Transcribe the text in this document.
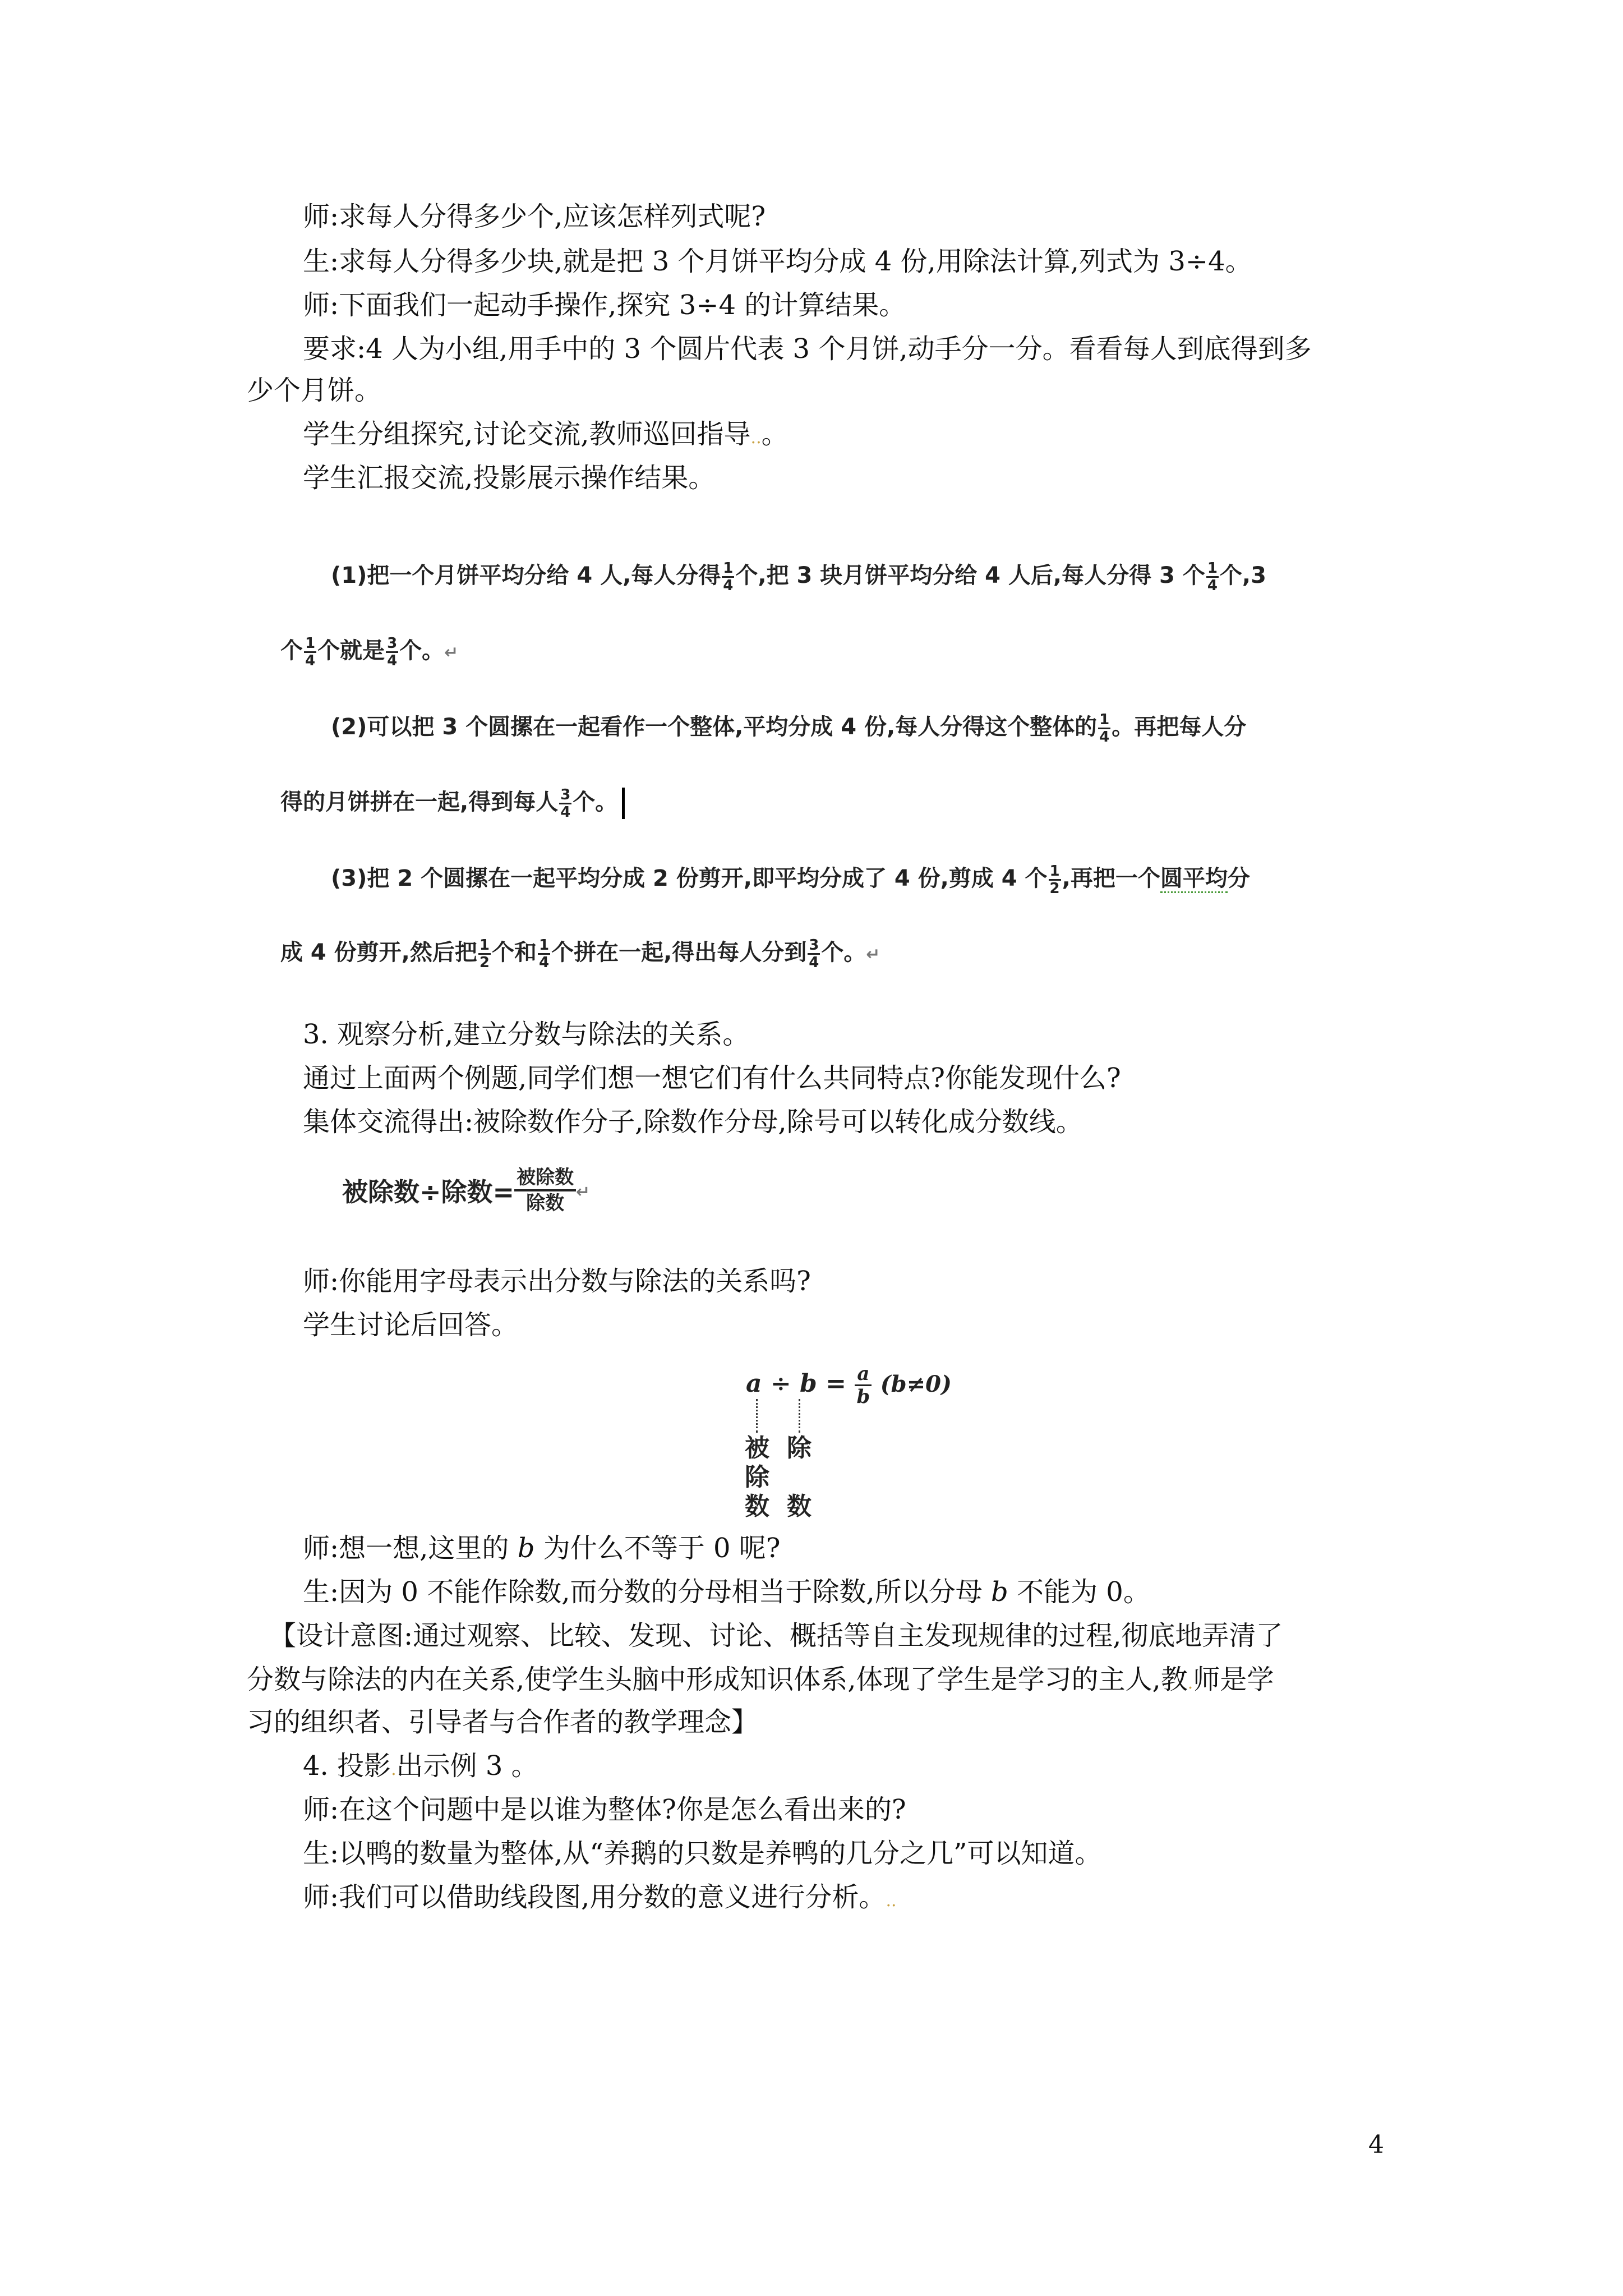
师:求每人分得多少个,应该怎样列式呢?
生:求每人分得多少块,就是把 3 个月饼平均分成 4 份,用除法计算,列式为 3÷4。
师:下面我们一起动手操作,探究 3÷4 的计算结果。
要求:4 人为小组,用手中的 3 个圆片代表 3 个月饼,动手分一分。看看每人到底得到多
少个月饼。
学生分组探究,讨论交流,教师巡回指导..。
学生汇报交流,投影展示操作结果。
(1)把一个月饼平均分给 4 人,每人分得 $\frac{1}{4}$ 个,把 3 块月饼平均分给 4 人后,每人分得 3 个 $\frac{1}{4}$ 个,3
个 $\frac{1}{4}$ 个就是 $\frac{3}{4}$ 个。↵
(2)可以把 3 个圆摞在一起看作一个整体,平均分成 4 份,每人分得这个整体的 $\frac{1}{4}$ 。再把每人分
得的月饼拼在一起,得到每人 $\frac{3}{4}$ 个。
(3)把 2 个圆摞在一起平均分成 2 份剪开,即平均分成了 4 份,剪成 4 个 $\frac{1}{2}$ ,再把一个圆平均分
成 4 份剪开,然后把 $\frac{1}{2}$ 个和 $\frac{1}{4}$ 个拼在一起,得出每人分到 $\frac{3}{4}$ 个。↵
3. 观察分析,建立分数与除法的关系。
通过上面两个例题,同学们想一想它们有什么共同特点?你能发现什么?
集体交流得出:被除数作分子,除数作分母,除号可以转化成分数线。
被除数÷除数= 被除数
除数 ↵
师:你能用字母表示出分数与除法的关系吗?
学生讨论后回答。
$a \div b = \frac{a}{b} (b\ne 0)$
被
除
数
除
数
师:想一想,这里的 b 为什么不等于 0 呢?
生:因为 0 不能作除数,而分数的分母相当于除数,所以分母 b 不能为 0。
【设计意图:通过观察、比较、发现、讨论、概括等自主发现规律的过程,彻底地弄清了
分数与除法的内在关系,使学生头脑中形成知识体系,体现了学生是学习的主人,教.师是学
习的组织者、引导者与合作者的教学理念】
4. 投影.出示例 3 。
师:在这个问题中是以谁为整体?你是怎么看出来的?
生:以鸭的数量为整体,从“养鹅的只数是养鸭的几分之几”可以知道。
师:我们可以借助线段图,用分数的意义进行分析。..
4
